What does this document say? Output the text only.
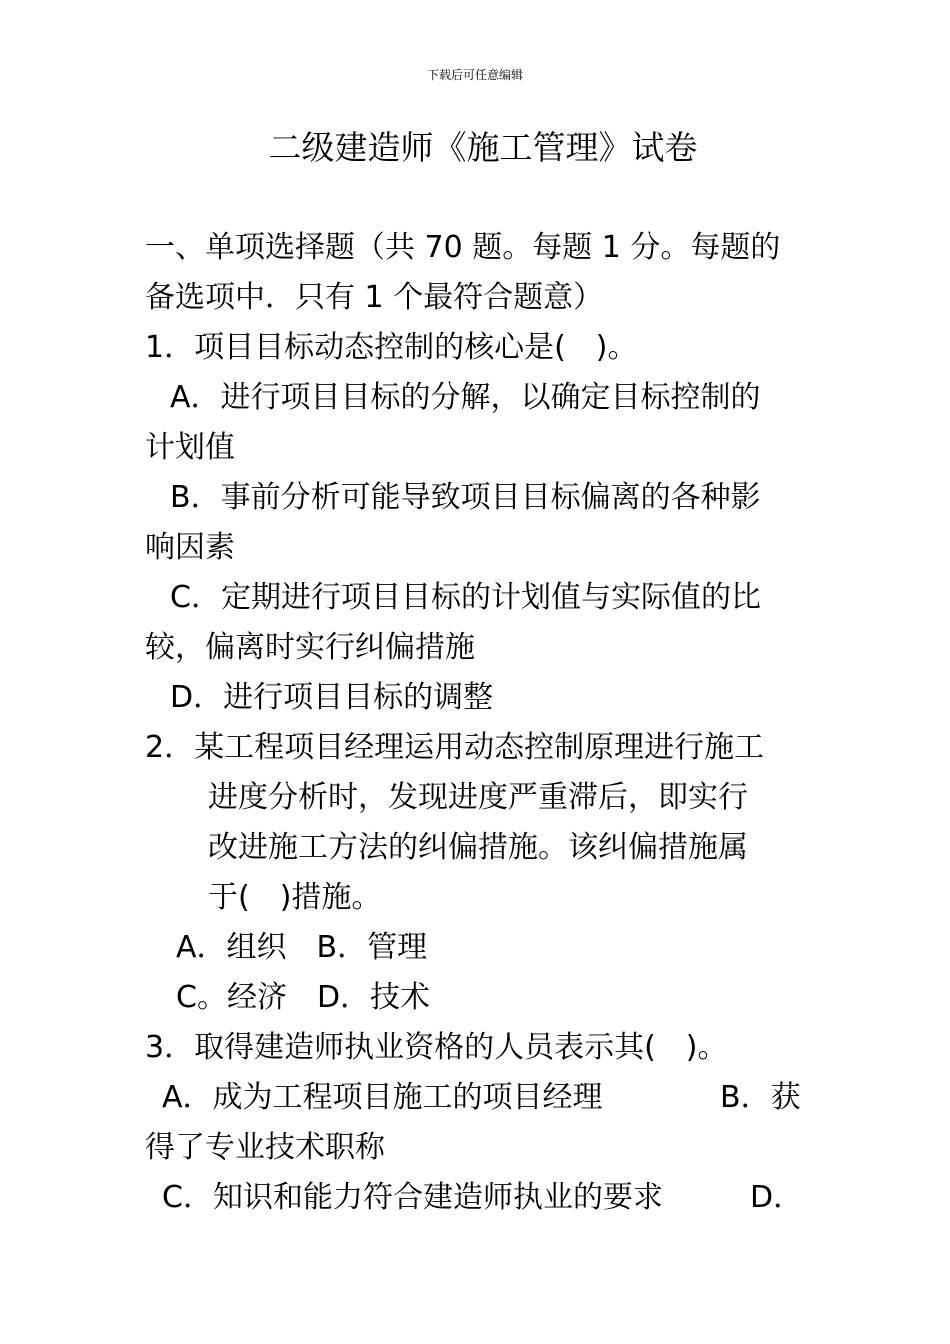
下载后可任意编辑
二级建造师《施工管理》试卷
一、单项选择题（共 70 题。每题 1 分。每题的
备选项中．只有 1 个最符合题意）
1．项目目标动态控制的核心是(　)。
A．进行项目目标的分解，以确定目标控制的
计划值
B．事前分析可能导致项目目标偏离的各种影
响因素
C．定期进行项目目标的计划值与实际值的比
较，偏离时实行纠偏措施
D．进行项目目标的调整
2．某工程项目经理运用动态控制原理进行施工
进度分析时，发现进度严重滞后，即实行
改进施工方法的纠偏措施。该纠偏措施属
于(　)措施。
A．组织　B．管理
C。经济　D．技术
3．取得建造师执业资格的人员表示其(　)。
A．成为工程项目施工的项目经理	B．获
得了专业技术职称
C．知识和能力符合建造师执业的要求	D．
